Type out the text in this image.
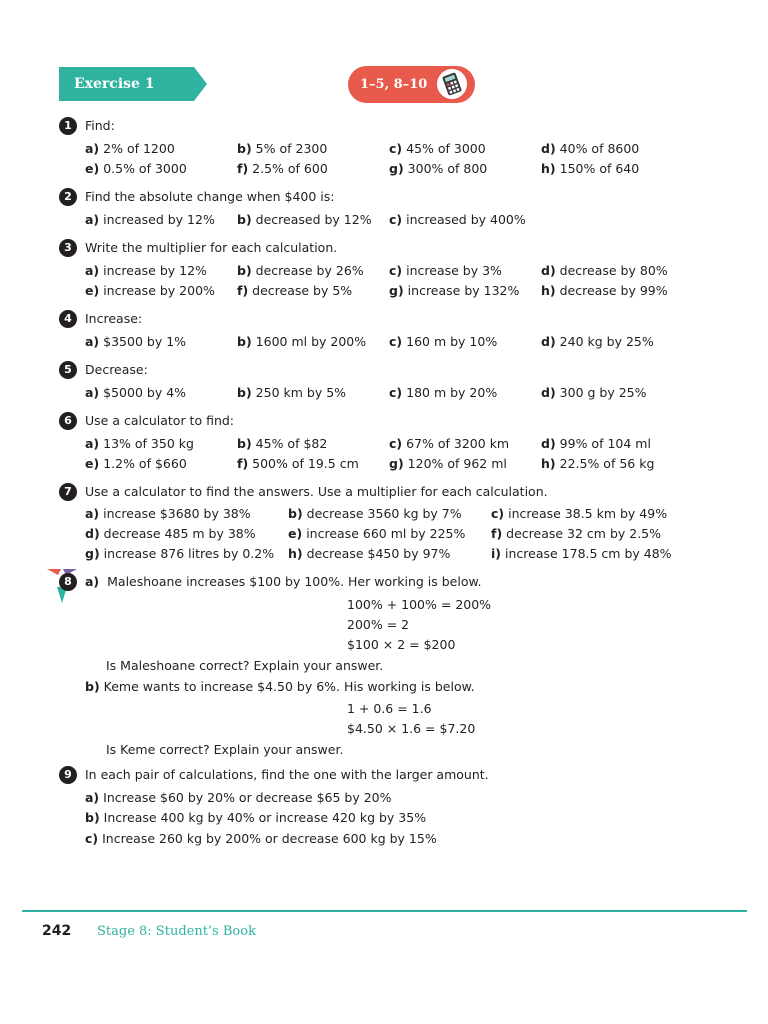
Exercise 1	1–5, 8–10
1	Find:
a) 2% of 1200	b) 5% of 2300	c) 45% of 3000	d) 40% of 8600
e) 0.5% of 3000	f) 2.5% of 600	g) 300% of 800	h) 150% of 640
2	Find the absolute change when $400 is:
a) increased by 12% b) decreased by 12% c) increased by 400%
3	Write the multiplier for each calculation.
a) increase by 12% b) decrease by 26% c) increase by 3%	d) decrease by 80%
e) increase by 200% f) decrease by 5%	g) increase by 132% h) decrease by 99%
4	Increase:
a) $3500 by 1%	b) 1600 ml by 200% c) 160 m by 10%	d) 240 kg by 25%
5	Decrease:
a) $5000 by 4%	b) 250 km by 5%	c) 180 m by 20%	d) 300 g by 25%
6	Use a calculator to find:
a) 13% of 350 kg	b) 45% of $82	c) 67% of 3200 km	d) 99% of 104 ml
e) 1.2% of $660	f) 500% of 19.5 cm g) 120% of 962 ml	h) 22.5% of 56 kg
7	Use a calculator to find the answers. Use a multiplier for each calculation.
a) increase $3680 by 38%	b) decrease 3560 kg by 7% c) increase 38.5 km by 49%
d) decrease 485 m by 38%	e) increase 660 ml by 225% f) decrease 32 cm by 2.5%
g) increase 876 litres by 0.2% h) decrease $450 by 97%	i) increase 178.5 cm by 48%
8	a) Maleshoane increases $100 by 100%. Her working is below.
100% + 100% = 200%
200% = 2
$100 × 2 = $200
Is Maleshoane correct? Explain your answer.
b) Keme wants to increase $4.50 by 6%. His working is below.
1 + 0.6 = 1.6
$4.50 × 1.6 = $7.20
Is Keme correct? Explain your answer.
9	In each pair of calculations, find the one with the larger amount.
a) Increase $60 by 20% or decrease $65 by 20%
b) Increase 400 kg by 40% or increase 420 kg by 35%
c) Increase 260 kg by 200% or decrease 600 kg by 15%
242 Stage 8: Student’s Book
